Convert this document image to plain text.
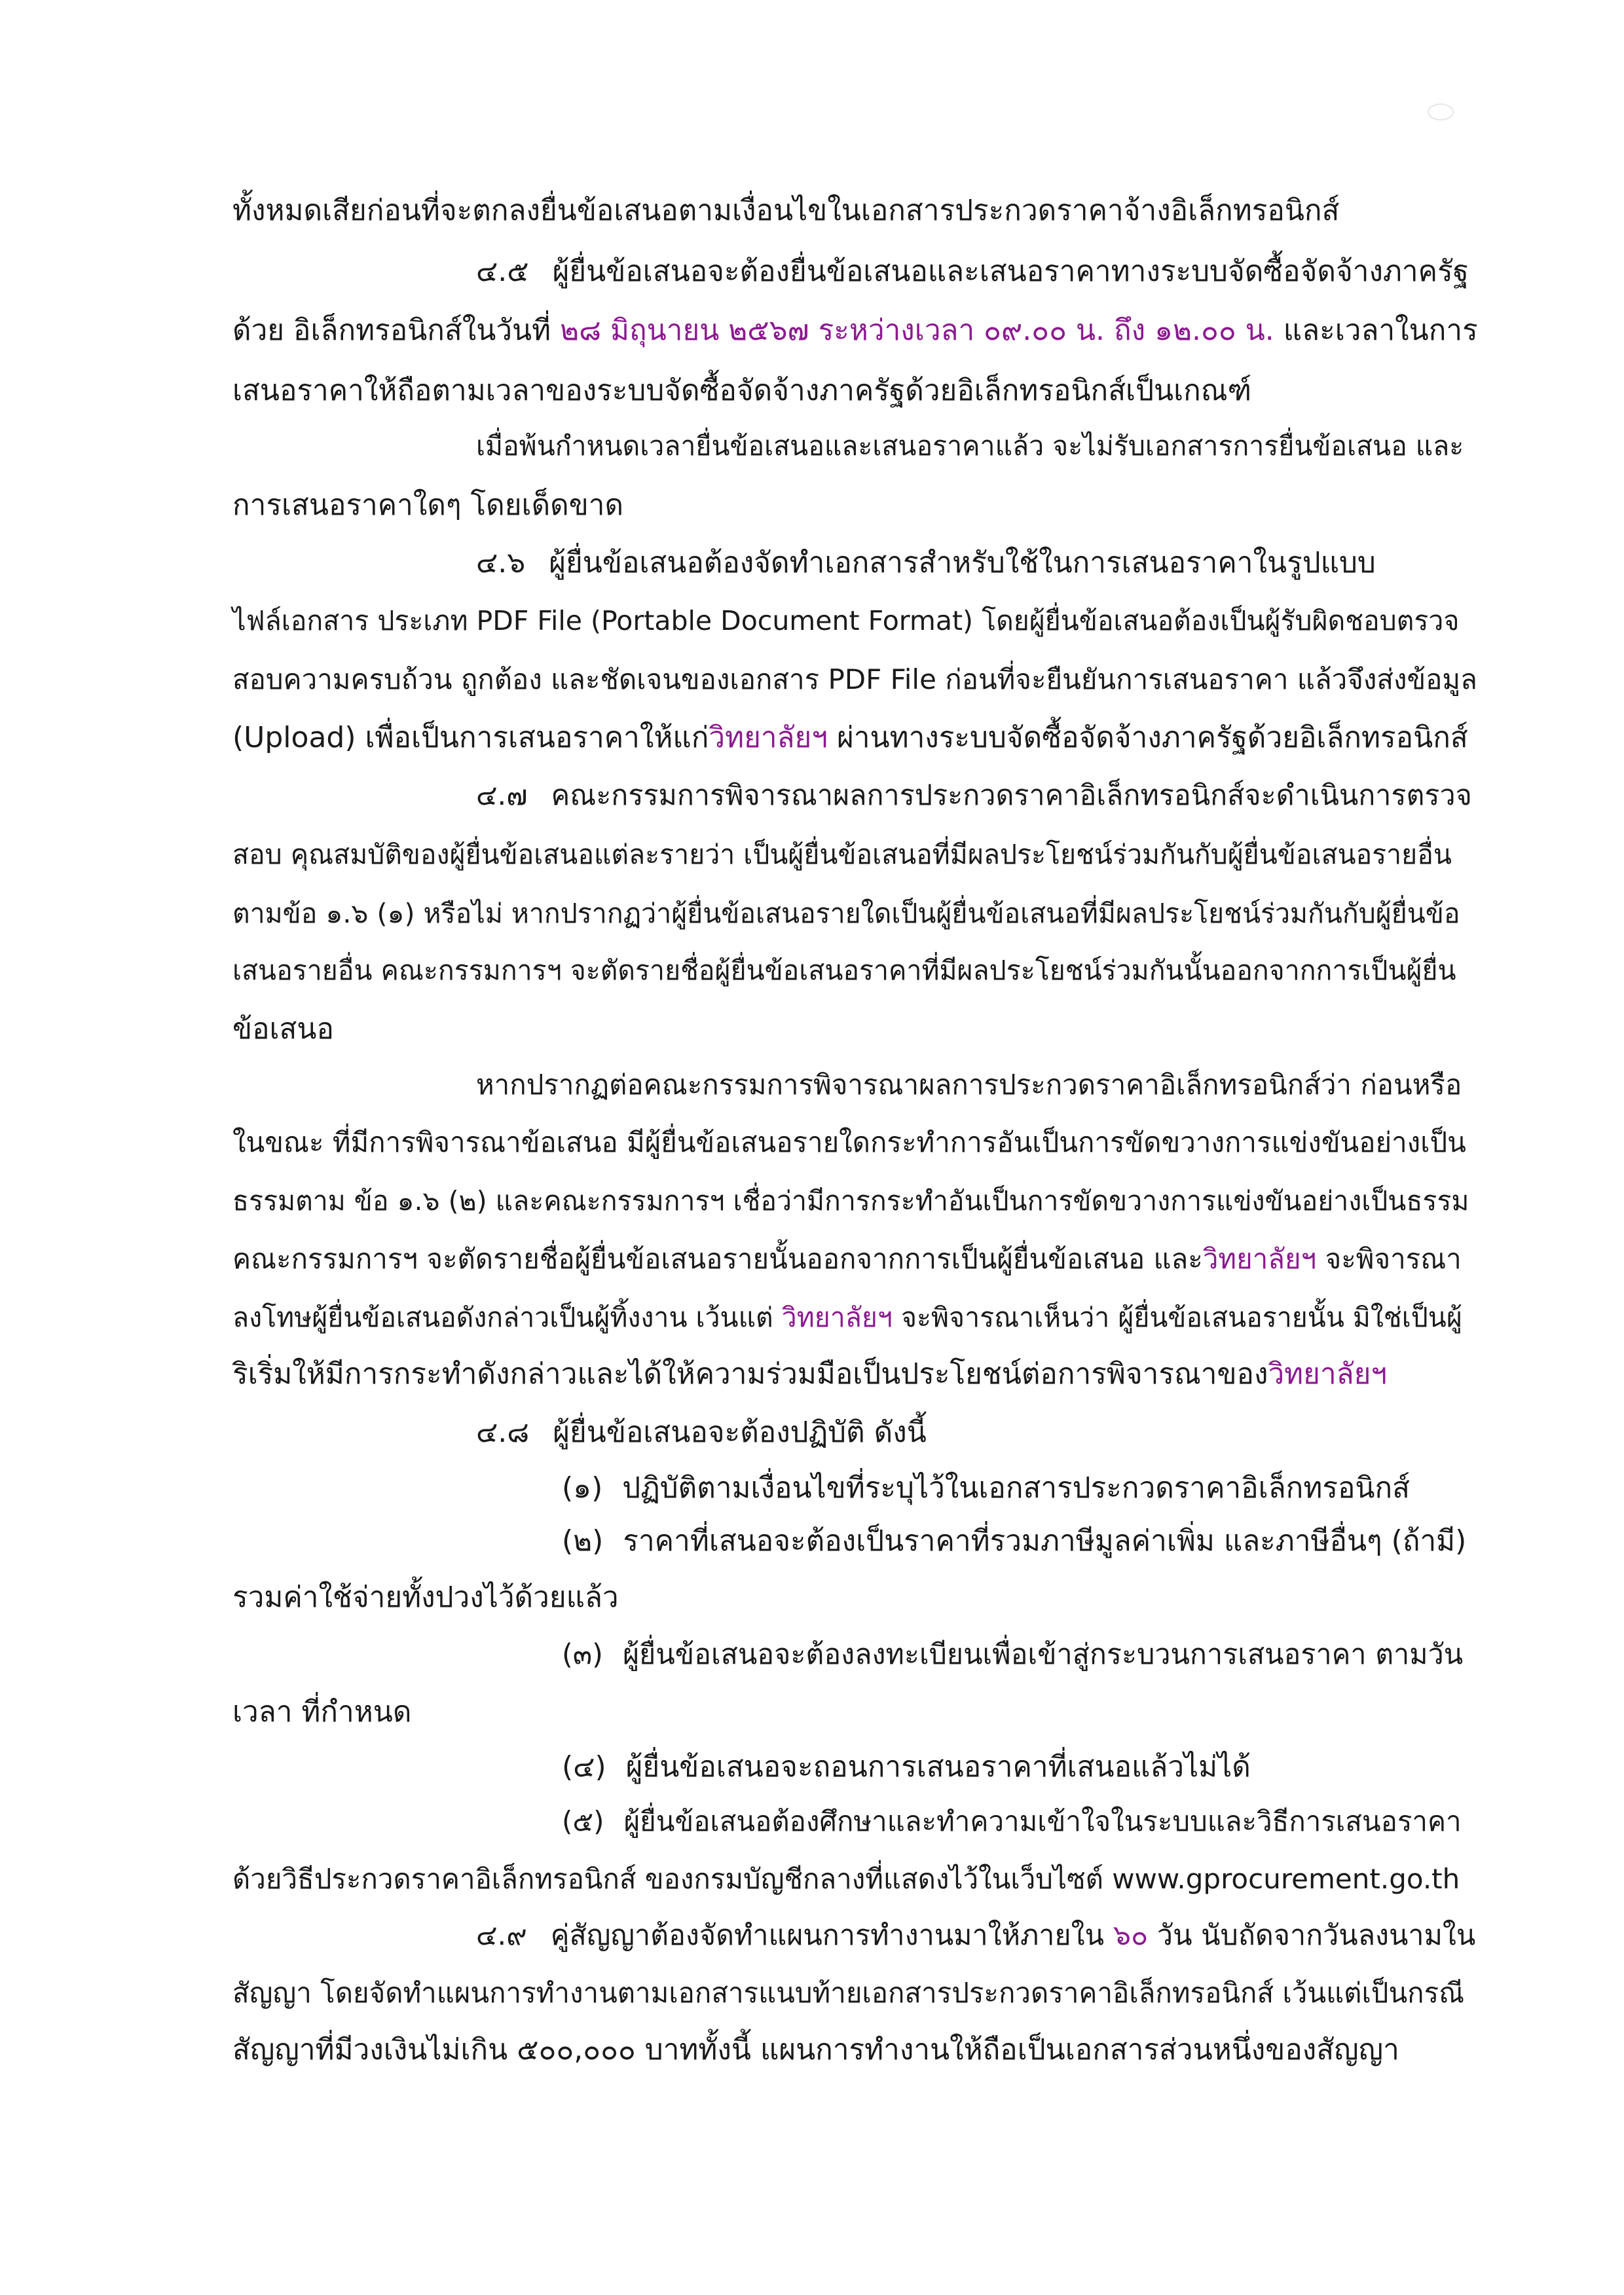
ทั้งหมดเสียก่อนที่จะตกลงยื่นข้อเสนอตามเงื่อนไขในเอกสารประกวดราคาจ้างอิเล็กทรอนิกส์

๔.๕ ผู้ยื่นข้อเสนอจะต้องยื่นข้อเสนอและเสนอราคาทางระบบจัดซื้อจัดจ้างภาครัฐ

ด้วย อิเล็กทรอนิกส์ในวันที่ ๒๘ มิถุนายน ๒๕๖๗ ระหว่างเวลา ๐๙.๐๐ น. ถึง ๑๒.๐๐ น. และเวลาในการ

เสนอราคาให้ถือตามเวลาของระบบจัดซื้อจัดจ้างภาครัฐด้วยอิเล็กทรอนิกส์เป็นเกณฑ์

เมื่อพ้นกำหนดเวลายื่นข้อเสนอและเสนอราคาแล้ว จะไม่รับเอกสารการยื่นข้อเสนอ และ

การเสนอราคาใดๆ โดยเด็ดขาด

๔.๖ ผู้ยื่นข้อเสนอต้องจัดทำเอกสารสำหรับใช้ในการเสนอราคาในรูปแบบ

ไฟล์เอกสาร ประเภท PDF File (Portable Document Format) โดยผู้ยื่นข้อเสนอต้องเป็นผู้รับผิดชอบตรวจ

สอบความครบถ้วน ถูกต้อง และชัดเจนของเอกสาร PDF File ก่อนที่จะยืนยันการเสนอราคา แล้วจึงส่งข้อมูล

(Upload) เพื่อเป็นการเสนอราคาให้แก่วิทยาลัยฯ ผ่านทางระบบจัดซื้อจัดจ้างภาครัฐด้วยอิเล็กทรอนิกส์

๔.๗ คณะกรรมการพิจารณาผลการประกวดราคาอิเล็กทรอนิกส์จะดำเนินการตรวจ

สอบ คุณสมบัติของผู้ยื่นข้อเสนอแต่ละรายว่า เป็นผู้ยื่นข้อเสนอที่มีผลประโยชน์ร่วมกันกับผู้ยื่นข้อเสนอรายอื่น

ตามข้อ ๑.๖ (๑) หรือไม่ หากปรากฏว่าผู้ยื่นข้อเสนอรายใดเป็นผู้ยื่นข้อเสนอที่มีผลประโยชน์ร่วมกันกับผู้ยื่นข้อ

เสนอรายอื่น คณะกรรมการฯ จะตัดรายชื่อผู้ยื่นข้อเสนอราคาที่มีผลประโยชน์ร่วมกันนั้นออกจากการเป็นผู้ยื่น

ข้อเสนอ

หากปรากฏต่อคณะกรรมการพิจารณาผลการประกวดราคาอิเล็กทรอนิกส์ว่า ก่อนหรือ

ในขณะ ที่มีการพิจารณาข้อเสนอ มีผู้ยื่นข้อเสนอรายใดกระทำการอันเป็นการขัดขวางการแข่งขันอย่างเป็น

ธรรมตาม ข้อ ๑.๖ (๒) และคณะกรรมการฯ เชื่อว่ามีการกระทำอันเป็นการขัดขวางการแข่งขันอย่างเป็นธรรม

คณะกรรมการฯ จะตัดรายชื่อผู้ยื่นข้อเสนอรายนั้นออกจากการเป็นผู้ยื่นข้อเสนอ และวิทยาลัยฯ จะพิจารณา

ลงโทษผู้ยื่นข้อเสนอดังกล่าวเป็นผู้ทิ้งงาน เว้นแต่ วิทยาลัยฯ จะพิจารณาเห็นว่า ผู้ยื่นข้อเสนอรายนั้น มิใช่เป็นผู้

ริเริ่มให้มีการกระทำดังกล่าวและได้ให้ความร่วมมือเป็นประโยชน์ต่อการพิจารณาของวิทยาลัยฯ

๔.๘ ผู้ยื่นข้อเสนอจะต้องปฏิบัติ ดังนี้

(๑) ปฏิบัติตามเงื่อนไขที่ระบุไว้ในเอกสารประกวดราคาอิเล็กทรอนิกส์

(๒) ราคาที่เสนอจะต้องเป็นราคาที่รวมภาษีมูลค่าเพิ่ม และภาษีอื่นๆ (ถ้ามี)

รวมค่าใช้จ่ายทั้งปวงไว้ด้วยแล้ว

(๓) ผู้ยื่นข้อเสนอจะต้องลงทะเบียนเพื่อเข้าสู่กระบวนการเสนอราคา ตามวัน

เวลา ที่กำหนด

(๔) ผู้ยื่นข้อเสนอจะถอนการเสนอราคาที่เสนอแล้วไม่ได้

(๕) ผู้ยื่นข้อเสนอต้องศึกษาและทำความเข้าใจในระบบและวิธีการเสนอราคา

ด้วยวิธีประกวดราคาอิเล็กทรอนิกส์ ของกรมบัญชีกลางที่แสดงไว้ในเว็บไซต์ www.gprocurement.go.th

๔.๙ คู่สัญญาต้องจัดทำแผนการทำงานมาให้ภายใน ๖๐ วัน นับถัดจากวันลงนามใน

สัญญา โดยจัดทำแผนการทำงานตามเอกสารแนบท้ายเอกสารประกวดราคาอิเล็กทรอนิกส์ เว้นแต่เป็นกรณี

สัญญาที่มีวงเงินไม่เกิน ๕๐๐,๐๐๐ บาททั้งนี้ แผนการทำงานให้ถือเป็นเอกสารส่วนหนึ่งของสัญญา
